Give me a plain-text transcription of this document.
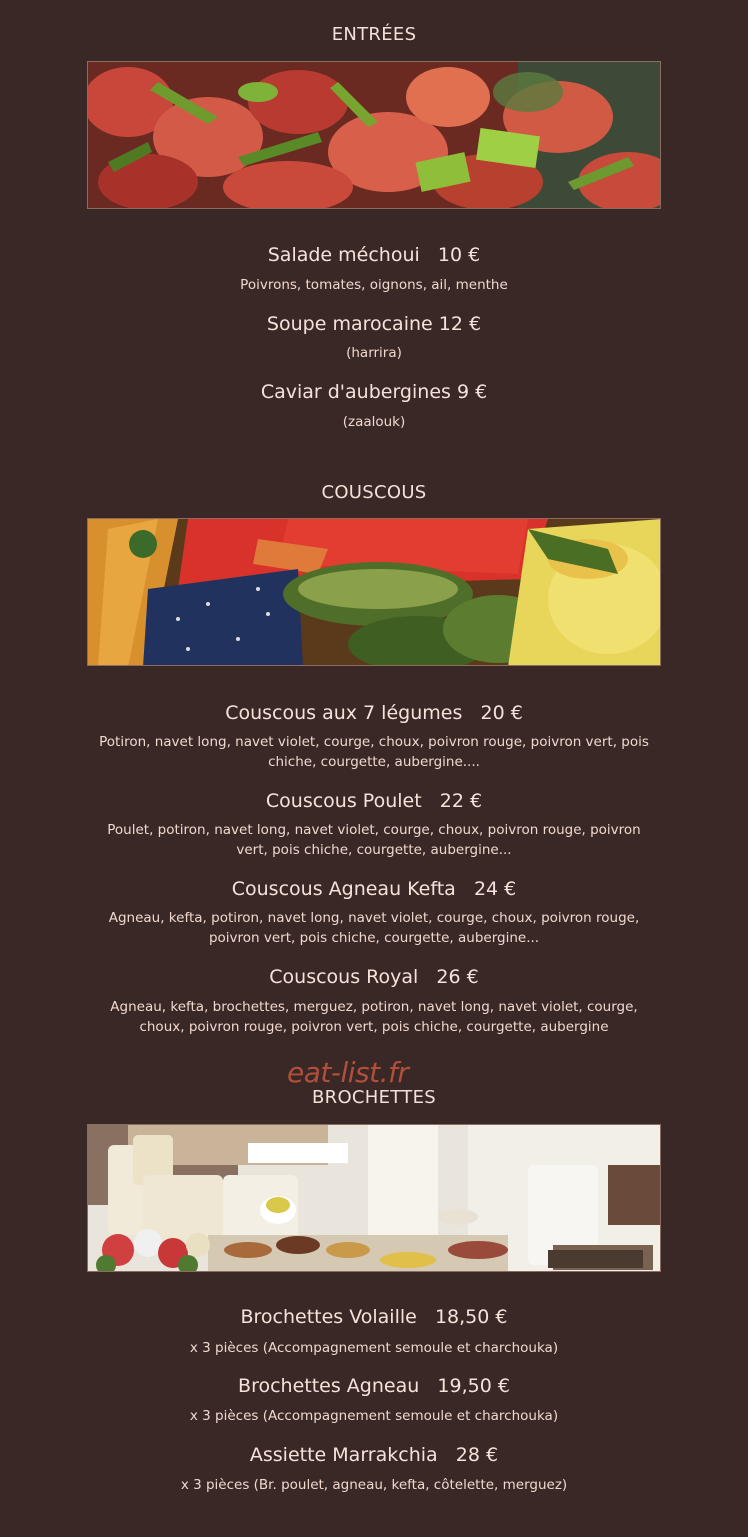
ENTRÉES
Salade méchoui 10 €
Poivrons, tomates, oignons, ail, menthe
Soupe marocaine 12 €
(harrira)
Caviar d'aubergines 9 €
(zaalouk)
COUSCOUS
Couscous aux 7 légumes 20 €
Potiron, navet long, navet violet, courge, choux, poivron rouge, poivron vert, pois chiche, courgette, aubergine....
Couscous Poulet 22 €
Poulet, potiron, navet long, navet violet, courge, choux, poivron rouge, poivron vert, pois chiche, courgette, aubergine...
Couscous Agneau Kefta 24 €
Agneau, kefta, potiron, navet long, navet violet, courge, choux, poivron rouge, poivron vert, pois chiche, courgette, aubergine...
Couscous Royal 26 €
Agneau, kefta, brochettes, merguez, potiron, navet long, navet violet, courge, choux, poivron rouge, poivron vert, pois chiche, courgette, aubergine
eat-list.fr
BROCHETTES
Brochettes Volaille 18,50 €
x 3 pièces (Accompagnement semoule et charchouka)
Brochettes Agneau 19,50 €
x 3 pièces (Accompagnement semoule et charchouka)
Assiette Marrakchia 28 €
x 3 pièces (Br. poulet, agneau, kefta, côtelette, merguez)
